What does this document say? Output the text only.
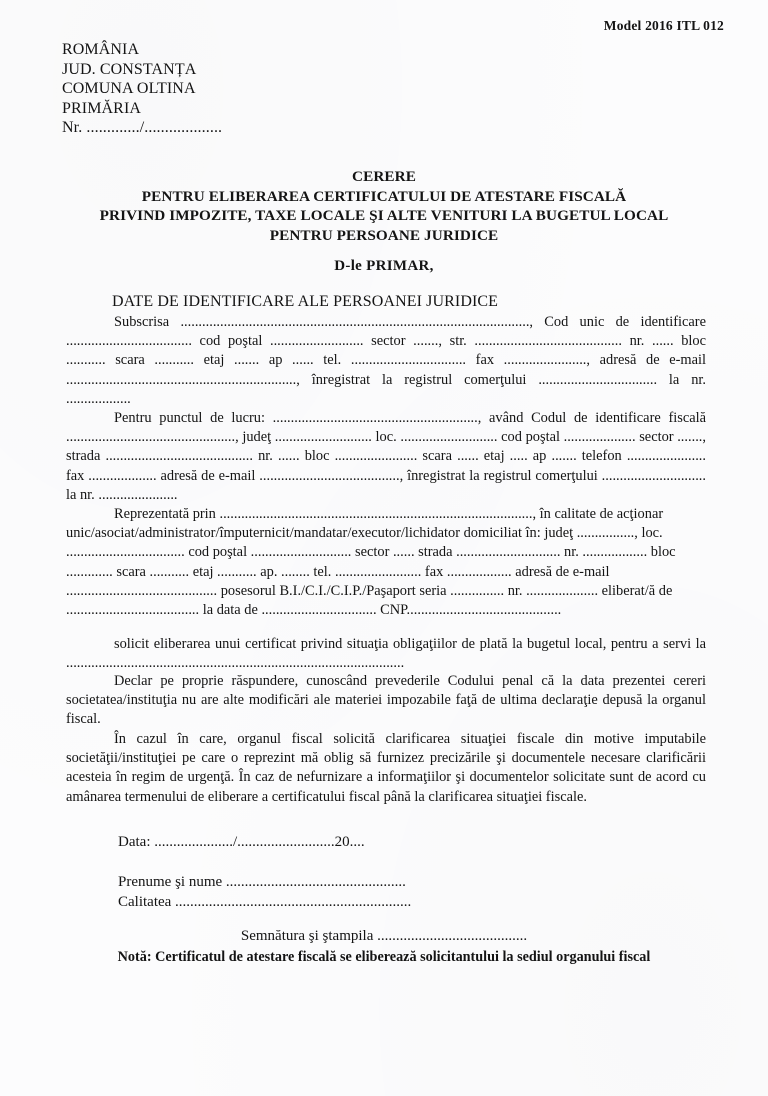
Model 2016 ITL 012
ROMÂNIA
JUD. CONSTANȚA
COMUNA OLTINA
PRIMĂRIA
Nr. ............./...................
CERERE
PENTRU ELIBERAREA CERTIFICATULUI DE ATESTARE FISCALĂ
PRIVIND IMPOZITE, TAXE LOCALE ŞI ALTE VENITURI LA BUGETUL LOCAL
PENTRU PERSOANE JURIDICE
D-le PRIMAR,
DATE DE IDENTIFICARE ALE PERSOANEI JURIDICE

Subscrisa ................................................................................................., Cod unic de identificare ................................... cod poştal .......................... sector ......., str. ......................................... nr. ...... bloc ........... scara ........... etaj ....... ap ...... tel. ................................ fax ......................., adresă de e-mail ................................................................, înregistrat la registrul comerţului ................................. la nr. ..................

Pentru punctul de lucru: ........................................................., având Codul de identificare fiscală ..............................................., judeţ ........................... loc. ........................... cod poştal .................... sector ......., strada ......................................... nr. ...... bloc ....................... scara ...... etaj ..... ap ....... telefon ...................... fax ................... adresă de e-mail ......................................., înregistrat la registrul comerţului ............................. la nr. ......................

Reprezentată prin ......................................................................................., în calitate de acţionar unic/asociat/administrator/împuternicit/mandatar/executor/lichidator domiciliat în: judeţ ................, loc. ................................. cod poştal ............................ sector ...... strada ............................. nr. .................. bloc ............. scara ........... etaj ........... ap. ........ tel. ........................ fax .................. adresă de e-mail .......................................... posesorul B.I./C.I./C.I.P./Paşaport seria ............... nr. .................... eliberat/ă de ..................................... la data de ................................ CNP...........................................

solicit eliberarea unui certificat privind situaţia obligaţiilor de plată la bugetul local, pentru a servi la ..............................................................................................

Declar pe proprie răspundere, cunoscând prevederile Codului penal că la data prezentei cereri societatea/instituţia nu are alte modificări ale materiei impozabile faţă de ultima declaraţie depusă la organul fiscal.

În cazul în care, organul fiscal solicită clarificarea situaţiei fiscale din motive imputabile societăţii/instituţiei pe care o reprezint mă oblig să furnizez precizările şi documentele necesare clarificării acesteia în regim de urgenţă. În caz de nefurnizare a informaţiilor şi documentelor solicitate sunt de acord cu amânarea termenului de eliberare a certificatului fiscal până la clarificarea situaţiei fiscale.

Data: ...................../..........................20....
Prenume şi nume ................................................
Calitatea ...............................................................
Semnătura şi ştampila ........................................
Notă: Certificatul de atestare fiscală se eliberează solicitantului la sediul organului fiscal
